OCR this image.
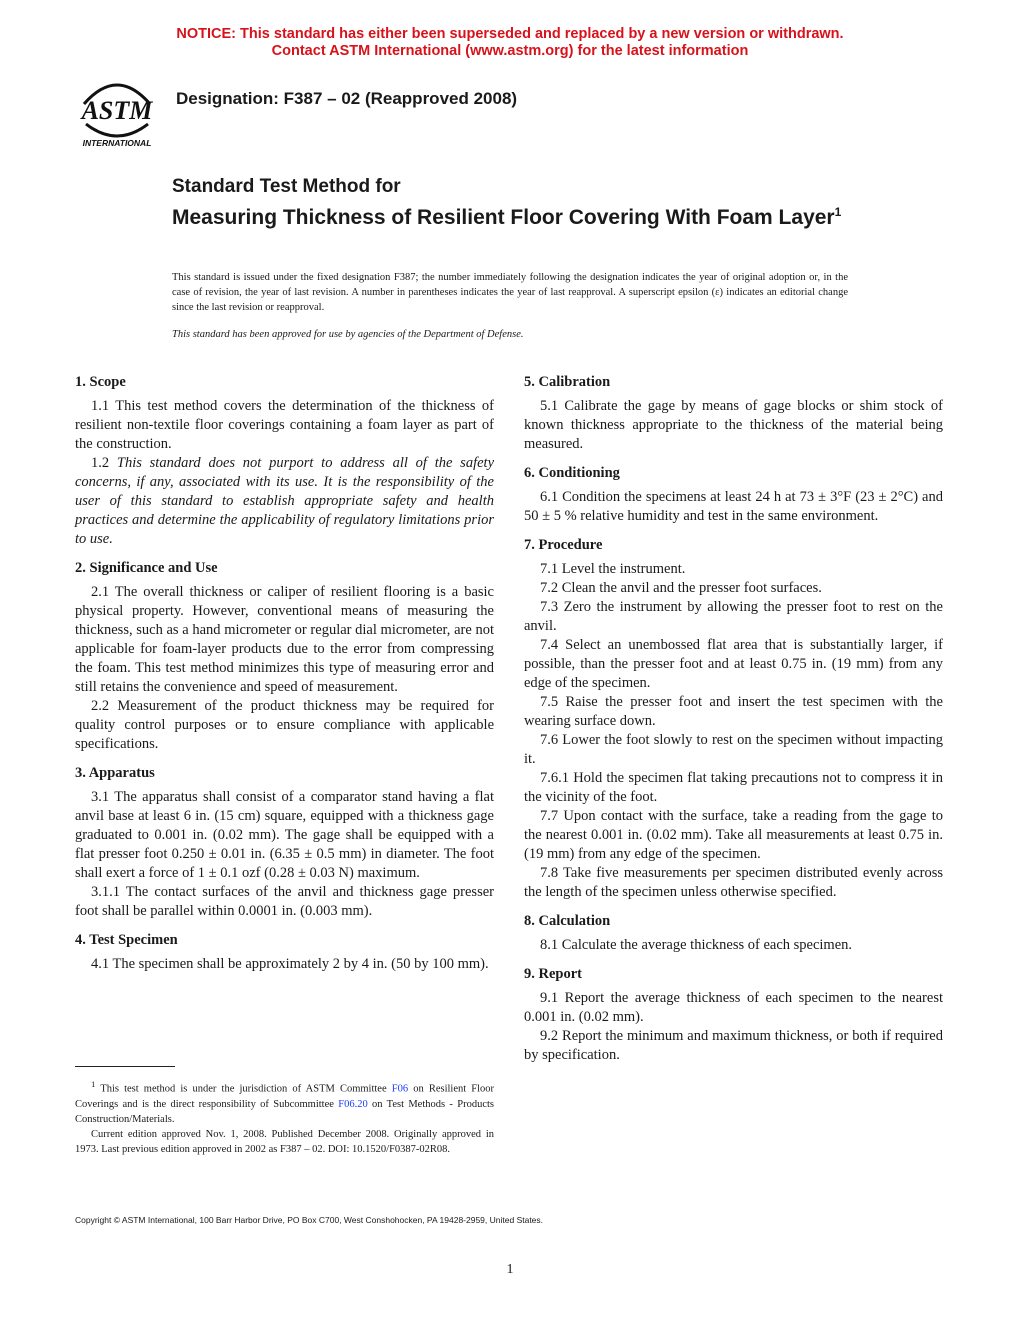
NOTICE: This standard has either been superseded and replaced by a new version or withdrawn.
Contact ASTM International (www.astm.org) for the latest information
ASTM
INTERNATIONAL
Designation: F387 – 02 (Reapproved 2008)
Standard Test Method for
Measuring Thickness of Resilient Floor Covering With Foam Layer$^1$

This standard is issued under the fixed designation F387; the number immediately following the designation indicates the year of original adoption or, in the case of revision, the year of last revision. A number in parentheses indicates the year of last reapproval. A superscript epsilon (ε) indicates an editorial change since the last revision or reapproval.

This standard has been approved for use by agencies of the Department of Defense.

1. Scope

1.1 This test method covers the determination of the thickness of resilient non-textile floor coverings containing a foam layer as part of the construction.

1.2 This standard does not purport to address all of the safety concerns, if any, associated with its use. It is the responsibility of the user of this standard to establish appropriate safety and health practices and determine the applicability of regulatory limitations prior to use.

2. Significance and Use

2.1 The overall thickness or caliper of resilient flooring is a basic physical property. However, conventional means of measuring the thickness, such as a hand micrometer or regular dial micrometer, are not applicable for foam-layer products due to the error from compressing the foam. This test method minimizes this type of measuring error and still retains the convenience and speed of measurement.

2.2 Measurement of the product thickness may be required for quality control purposes or to ensure compliance with applicable specifications.

3. Apparatus

3.1 The apparatus shall consist of a comparator stand having a flat anvil base at least 6 in. (15 cm) square, equipped with a thickness gage graduated to 0.001 in. (0.02 mm). The gage shall be equipped with a flat presser foot 0.250 ± 0.01 in. (6.35 ± 0.5 mm) in diameter. The foot shall exert a force of 1 ± 0.1 ozf (0.28 ± 0.03 N) maximum.

3.1.1 The contact surfaces of the anvil and thickness gage presser foot shall be parallel within 0.0001 in. (0.003 mm).

4. Test Specimen

4.1 The specimen shall be approximately 2 by 4 in. (50 by 100 mm).

5. Calibration

5.1 Calibrate the gage by means of gage blocks or shim stock of known thickness appropriate to the thickness of the material being measured.

6. Conditioning

6.1 Condition the specimens at least 24 h at 73 ± 3°F (23 ± 2°C) and 50 ± 5 % relative humidity and test in the same environment.

7. Procedure

7.1 Level the instrument.

7.2 Clean the anvil and the presser foot surfaces.

7.3 Zero the instrument by allowing the presser foot to rest on the anvil.

7.4 Select an unembossed flat area that is substantially larger, if possible, than the presser foot and at least 0.75 in. (19 mm) from any edge of the specimen.

7.5 Raise the presser foot and insert the test specimen with the wearing surface down.

7.6 Lower the foot slowly to rest on the specimen without impacting it.

7.6.1 Hold the specimen flat taking precautions not to compress it in the vicinity of the foot.

7.7 Upon contact with the surface, take a reading from the gage to the nearest 0.001 in. (0.02 mm). Take all measurements at least 0.75 in. (19 mm) from any edge of the specimen.

7.8 Take five measurements per specimen distributed evenly across the length of the specimen unless otherwise specified.

8. Calculation

8.1 Calculate the average thickness of each specimen.

9. Report

9.1 Report the average thickness of each specimen to the nearest 0.001 in. (0.02 mm).

9.2 Report the minimum and maximum thickness, or both if required by specification.

$^1$ This test method is under the jurisdiction of ASTM Committee F06 on Resilient Floor Coverings and is the direct responsibility of Subcommittee F06.20 on Test Methods - Products Construction/Materials.

Current edition approved Nov. 1, 2008. Published December 2008. Originally approved in 1973. Last previous edition approved in 2002 as F387 – 02. DOI: 10.1520/F0387-02R08.

Copyright © ASTM International, 100 Barr Harbor Drive, PO Box C700, West Conshohocken, PA 19428-2959, United States.
1
